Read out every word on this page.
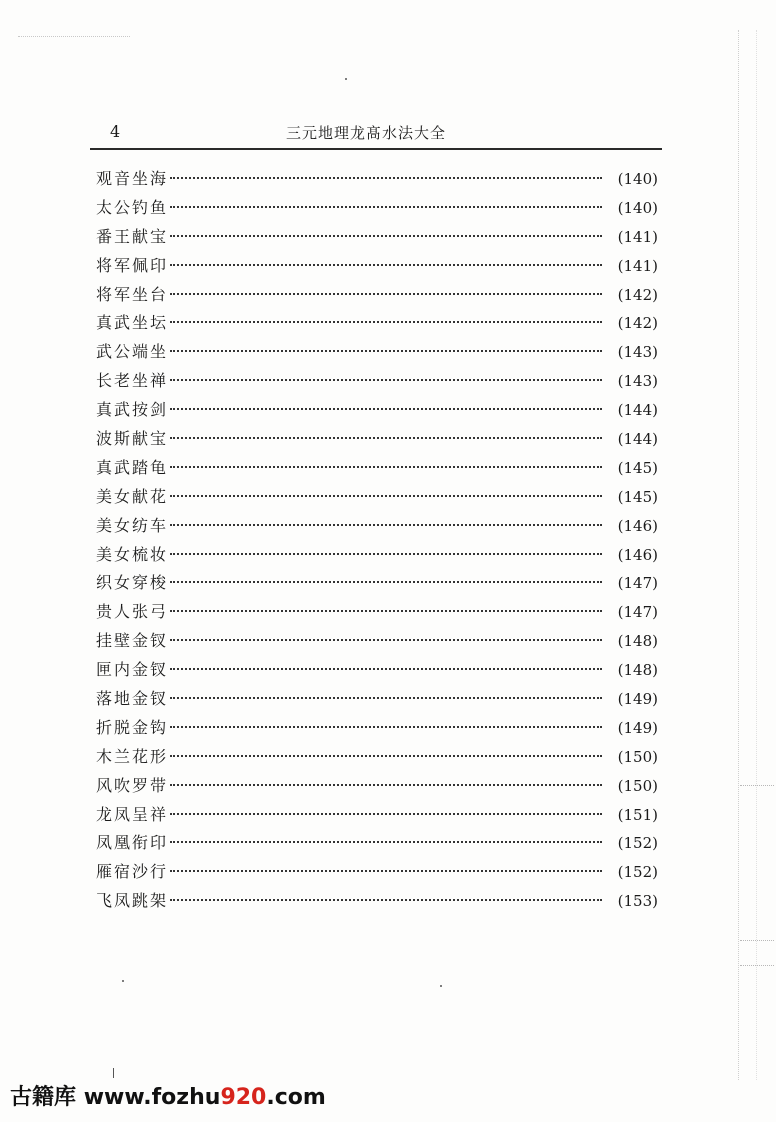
4	三元地理龙髙水法大全
观音坐海	(140)
太公钓鱼	(140)
番王献宝	(141)
将军佩印	(141)
将军坐台	(142)
真武坐坛	(142)
武公端坐	(143)
长老坐禅	(143)
真武按剑	(144)
波斯献宝	(144)
真武踏龟	(145)
美女献花	(145)
美女纺车	(146)
美女梳妆	(146)
织女穿梭	(147)
贵人张弓	(147)
挂壁金钗	(148)
匣内金钗	(148)
落地金钗	(149)
折脱金钩	(149)
木兰花形	(150)
风吹罗带	(150)
龙凤呈祥	(151)
凤凰衔印	(152)
雁宿沙行	(152)
飞凤跳架	(153)
古籍库 www.fozhu920.com
